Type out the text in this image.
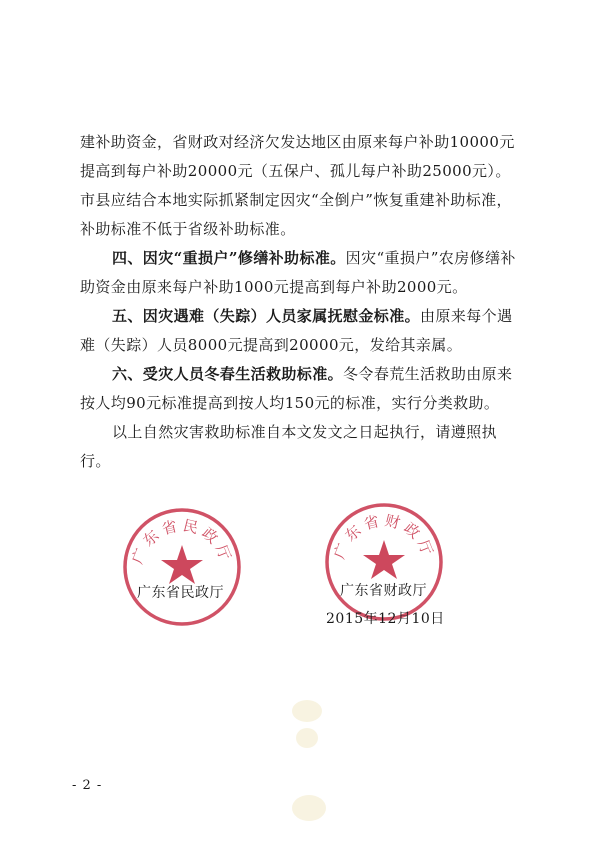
建补助资金，省财政对经济欠发达地区由原来每户补助10000元提高到每户补助20000元（五保户、孤儿每户补助25000元）。市县应结合本地实际抓紧制定因灾“全倒户”恢复重建补助标准，补助标准不低于省级补助标准。

四、因灾“重损户”修缮补助标准。因灾“重损户”农房修缮补助资金由原来每户补助1000元提高到每户补助2000元。

五、因灾遇难（失踪）人员家属抚慰金标准。由原来每个遇难（失踪）人员8000元提高到20000元，发给其亲属。

六、受灾人员冬春生活救助标准。冬令春荒生活救助由原来按人均90元标准提高到按人均150元的标准，实行分类救助。

以上自然灾害救助标准自本文发文之日起执行，请遵照执行。

广东省民政厅
广东省民政厅
广东省财政厅
广东省财政厅
2015年12月10日
- 2 -
